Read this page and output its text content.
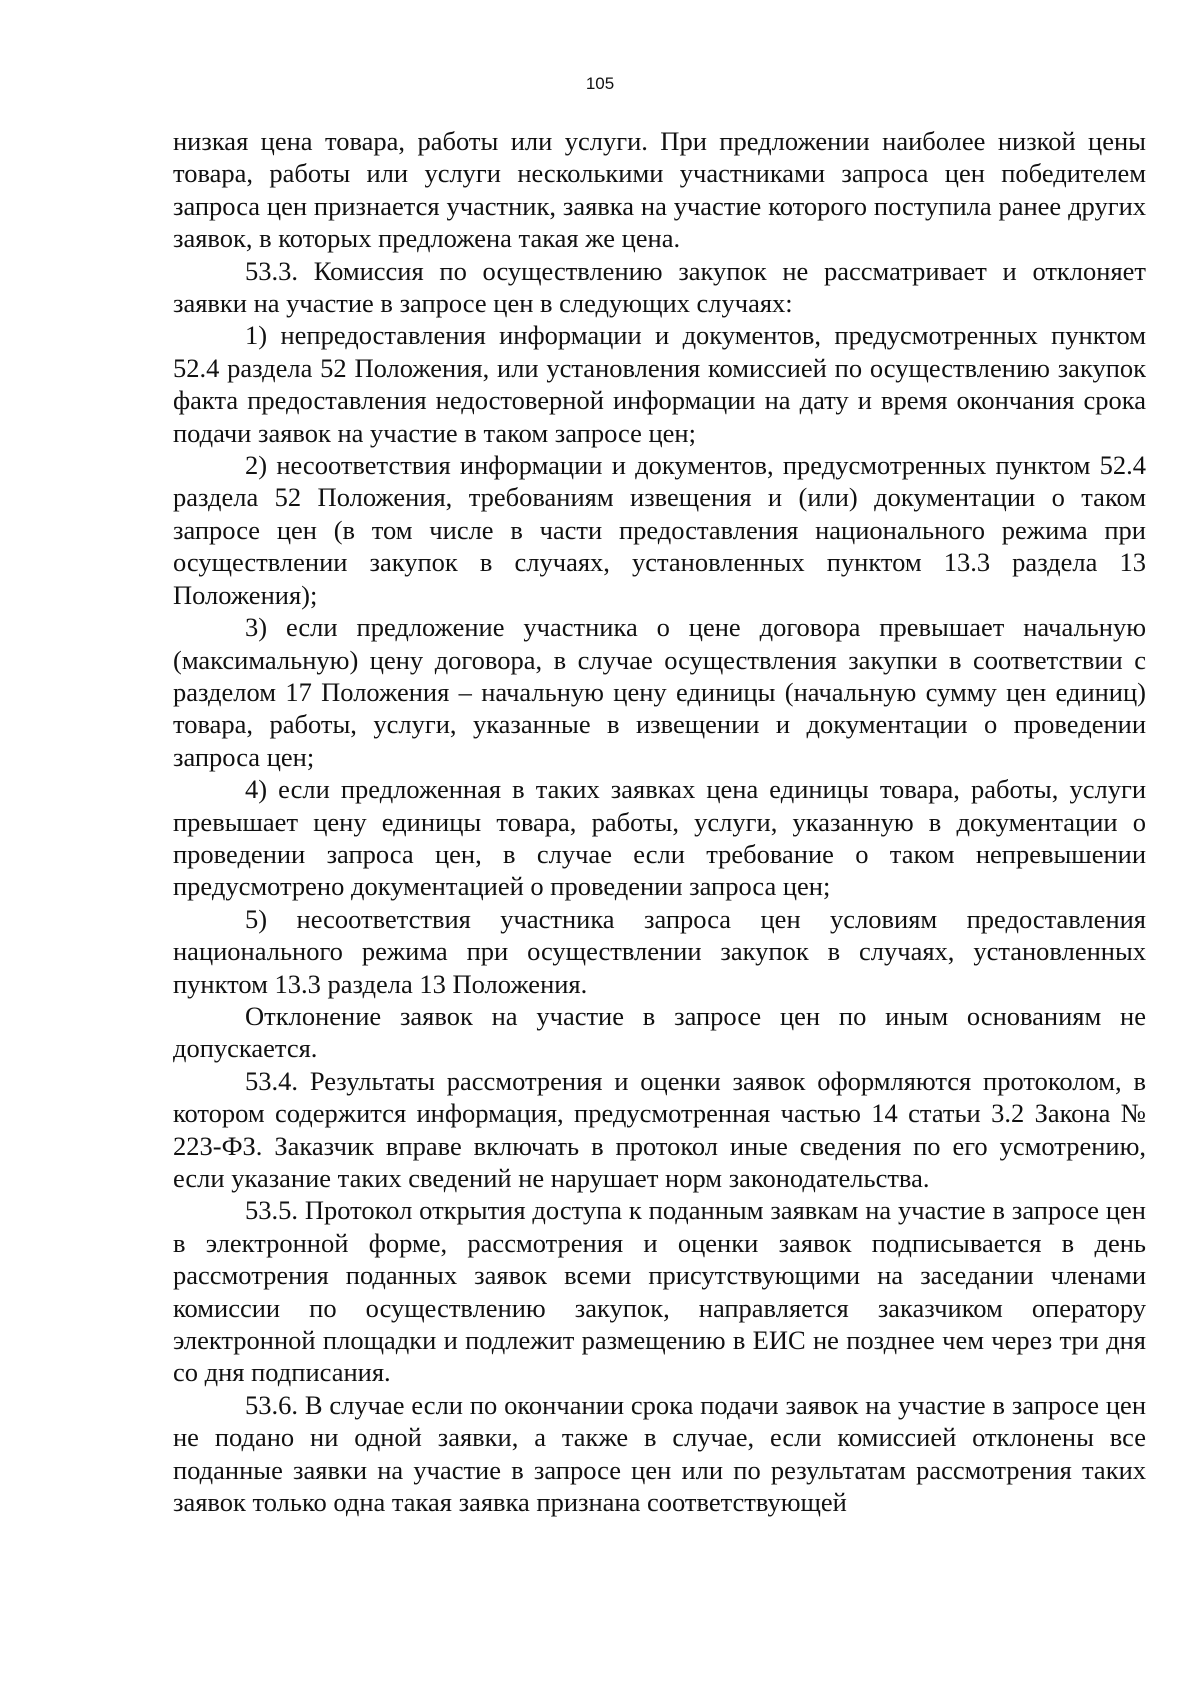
105

низкая цена товара, работы или услуги. При предложении наиболее низкой цены товара, работы или услуги несколькими участниками запроса цен победителем запроса цен признается участник, заявка на участие которого поступила ранее других заявок, в которых предложена такая же цена.

53.3. Комиссия по осуществлению закупок не рассматривает и отклоняет заявки на участие в запросе цен в следующих случаях:

1) непредоставления информации и документов, предусмотренных пунктом 52.4 раздела 52 Положения, или установления комиссией по осуществлению закупок факта предоставления недостоверной информации на дату и время окончания срока подачи заявок на участие в таком запросе цен;

2) несоответствия информации и документов, предусмотренных пунктом 52.4 раздела 52 Положения, требованиям извещения и (или) документации о таком запросе цен (в том числе в части предоставления национального режима при осуществлении закупок в случаях, установленных пунктом 13.3 раздела 13 Положения);

3) если предложение участника о цене договора превышает начальную (максимальную) цену договора, в случае осуществления закупки в соответствии с разделом 17 Положения – начальную цену единицы (начальную сумму цен единиц) товара, работы, услуги, указанные в извещении и документации о проведении запроса цен;

4) если предложенная в таких заявках цена единицы товара, работы, услуги превышает цену единицы товара, работы, услуги, указанную в документации о проведении запроса цен, в случае если требование о таком непревышении предусмотрено документацией о проведении запроса цен;

5) несоответствия участника запроса цен условиям предоставления национального режима при осуществлении закупок в случаях, установленных пунктом 13.3 раздела 13 Положения.

Отклонение заявок на участие в запросе цен по иным основаниям не допускается.

53.4. Результаты рассмотрения и оценки заявок оформляются протоколом, в котором содержится информация, предусмотренная частью 14 статьи 3.2 Закона № 223-ФЗ. Заказчик вправе включать в протокол иные сведения по его усмотрению, если указание таких сведений не нарушает норм законодательства.

53.5. Протокол открытия доступа к поданным заявкам на участие в запросе цен в электронной форме, рассмотрения и оценки заявок подписывается в день рассмотрения поданных заявок всеми присутствующими на заседании членами комиссии по осуществлению закупок, направляется заказчиком оператору электронной площадки и подлежит размещению в ЕИС не позднее чем через три дня со дня подписания.

53.6. В случае если по окончании срока подачи заявок на участие в запросе цен не подано ни одной заявки, а также в случае, если комиссией отклонены все поданные заявки на участие в запросе цен или по результатам рассмотрения таких заявок только одна такая заявка признана соответствующей
